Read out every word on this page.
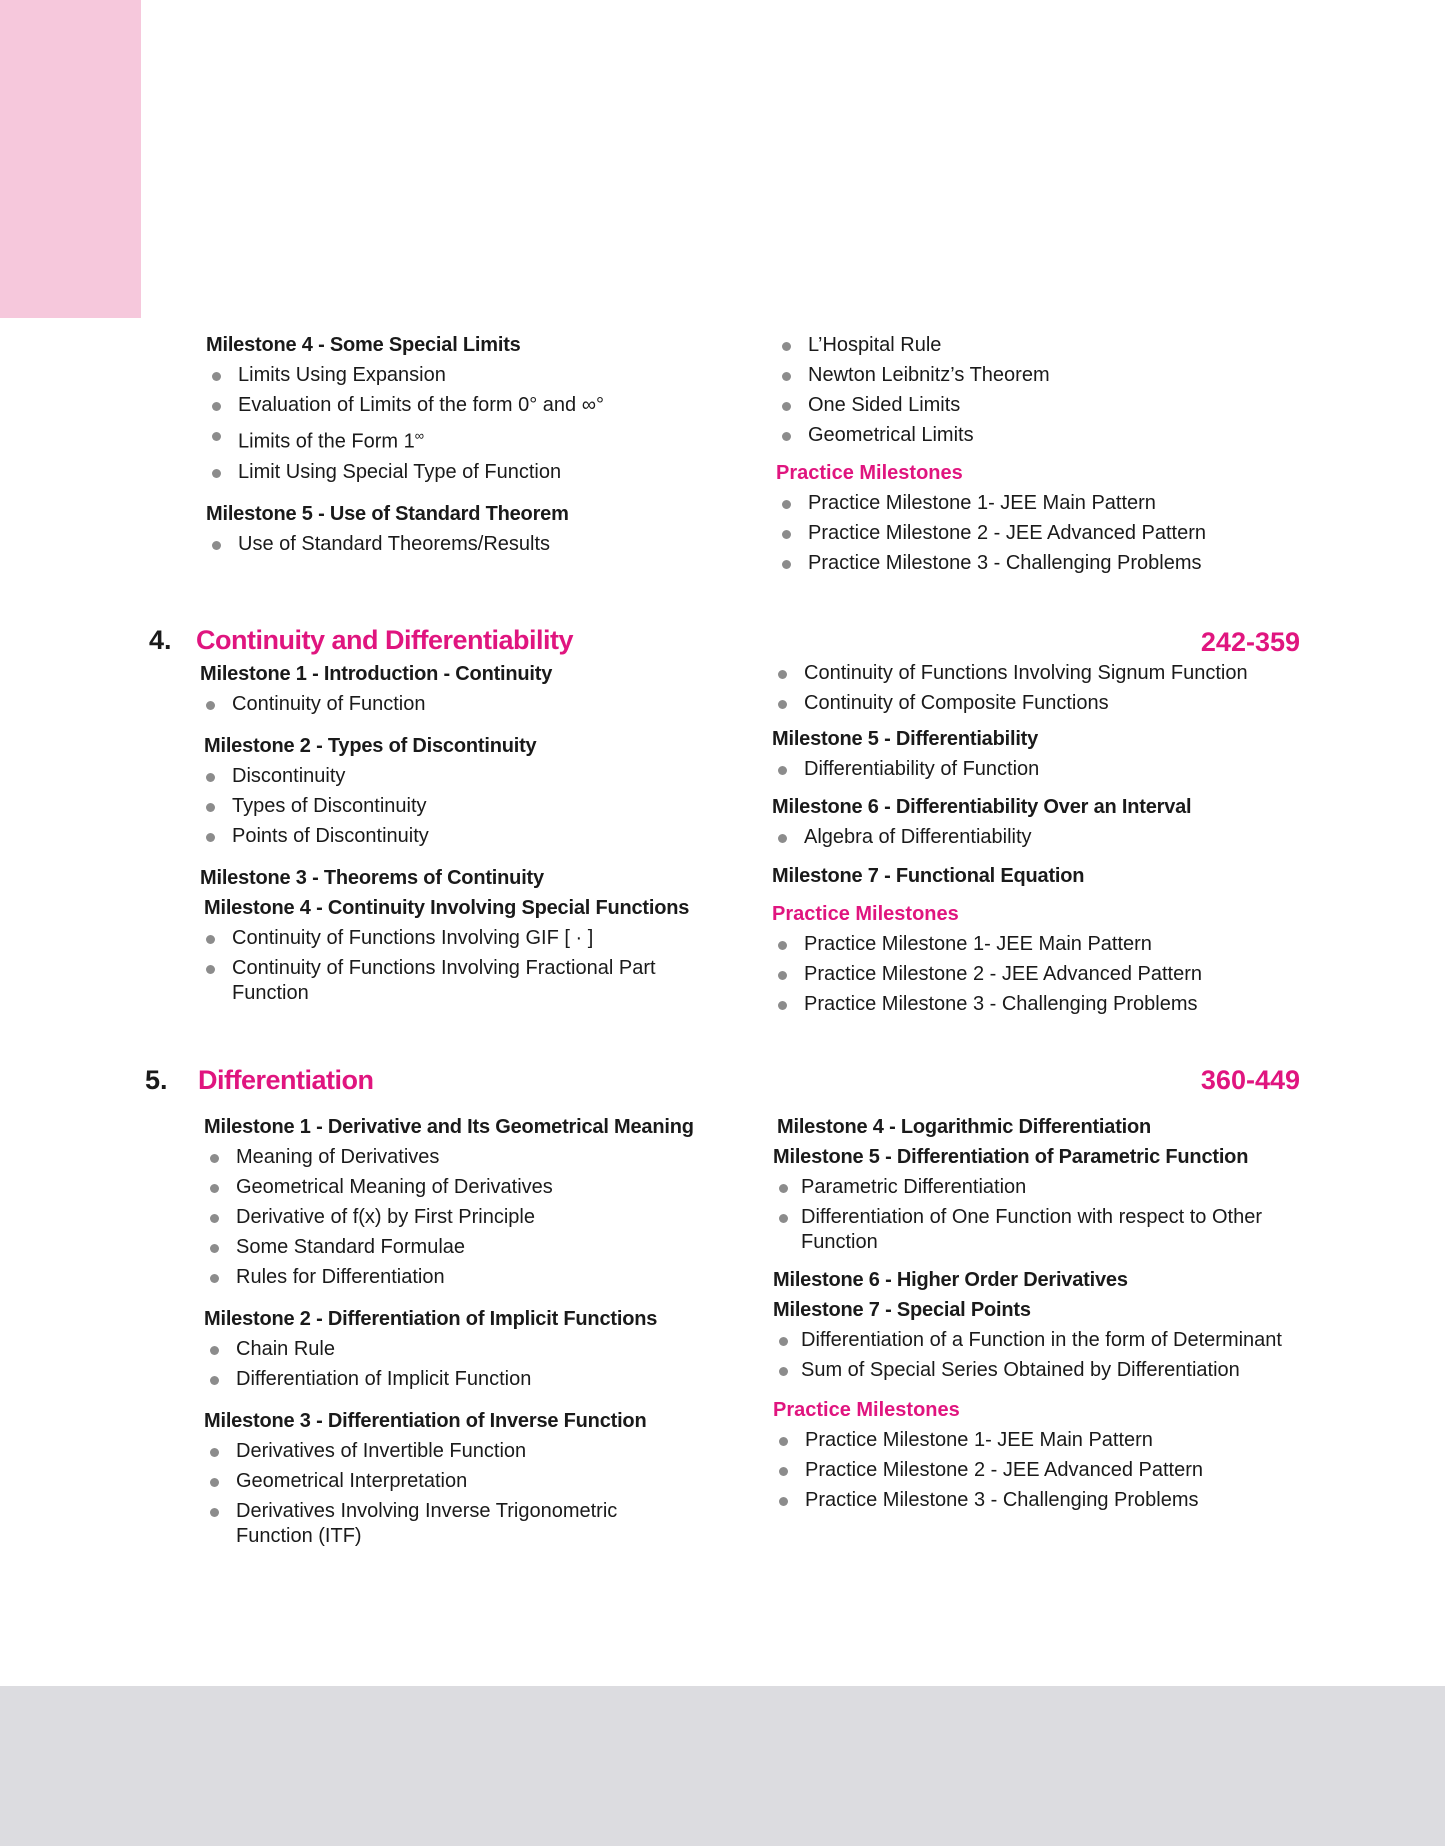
Milestone 4 - Some Special Limits
Limits Using Expansion
Evaluation of Limits of the form 0° and ∞°
Limits of the Form 1∞
Limit Using Special Type of Function
Milestone 5 - Use of Standard Theorem
Use of Standard Theorems/Results
L’Hospital Rule
Newton Leibnitz’s Theorem
One Sided Limits
Geometrical Limits
Practice Milestones
Practice Milestone 1- JEE Main Pattern
Practice Milestone 2 - JEE Advanced Pattern
Practice Milestone 3 - Challenging Problems
4. Continuity and Differentiability	242-359
Milestone 1 - Introduction - Continuity
Continuity of Function
Milestone 2 - Types of Discontinuity
Discontinuity
Types of Discontinuity
Points of Discontinuity
Milestone 3 - Theorems of Continuity
Milestone 4 - Continuity Involving Special Functions
Continuity of Functions Involving GIF [ · ]
Continuity of Functions Involving Fractional Part Function
Continuity of Functions Involving Signum Function
Continuity of Composite Functions
Milestone 5 - Differentiability
Differentiability of Function
Milestone 6 - Differentiability Over an Interval
Algebra of Differentiability
Milestone 7 - Functional Equation
Practice Milestones
Practice Milestone 1- JEE Main Pattern
Practice Milestone 2 - JEE Advanced Pattern
Practice Milestone 3 - Challenging Problems
5. Differentiation	360-449
Milestone 1 - Derivative and Its Geometrical Meaning
Meaning of Derivatives
Geometrical Meaning of Derivatives
Derivative of f(x) by First Principle
Some Standard Formulae
Rules for Differentiation
Milestone 2 - Differentiation of Implicit Functions
Chain Rule
Differentiation of Implicit Function
Milestone 3 - Differentiation of Inverse Function
Derivatives of Invertible Function
Geometrical Interpretation
Derivatives Involving Inverse Trigonometric Function (ITF)
Milestone 4 - Logarithmic Differentiation
Milestone 5 - Differentiation of Parametric Function
Parametric Differentiation
Differentiation of One Function with respect to Other Function
Milestone 6 - Higher Order Derivatives
Milestone 7 - Special Points
Differentiation of a Function in the form of Determinant
Sum of Special Series Obtained by Differentiation
Practice Milestones
Practice Milestone 1- JEE Main Pattern
Practice Milestone 2 - JEE Advanced Pattern
Practice Milestone 3 - Challenging Problems
